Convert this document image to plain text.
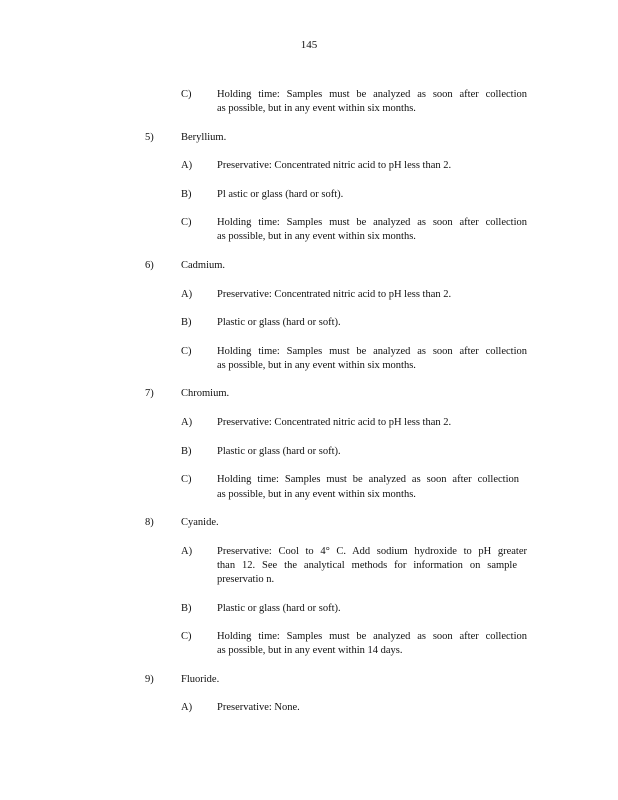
145
C) Holding time: Samples must be analyzed as soon after collection
as possible, but in any event within six months.
5)	Beryllium.
A) Preservative: Concentrated nitric acid to pH less than 2.
B) Pl astic or glass (hard or soft).
C) Holding time: Samples must be analyzed as soon after collection
as possible, but in any event within six months.
6)	Cadmium.
A) Preservative: Concentrated nitric acid to pH less than 2.
B) Plastic or glass (hard or soft).
C) Holding time: Samples must be analyzed as soon after collection
as possible, but in any event within six months.
7)	Chromium.
A) Preservative: Concentrated nitric acid to pH less than 2.
B) Plastic or glass (hard or soft).
C) Holding time: Samples must be analyzed as soon after collection
as possible, but in any event within six months.
8)	Cyanide.
A) Preservative: Cool to 4° C. Add sodium hydroxide to pH greater
than 12. See the analytical methods for information on sample
preservatio n.
B) Plastic or glass (hard or soft).
C) Holding time: Samples must be analyzed as soon after collection
as possible, but in any event within 14 days.
9)	Fluoride.
A) Preservative: None.
